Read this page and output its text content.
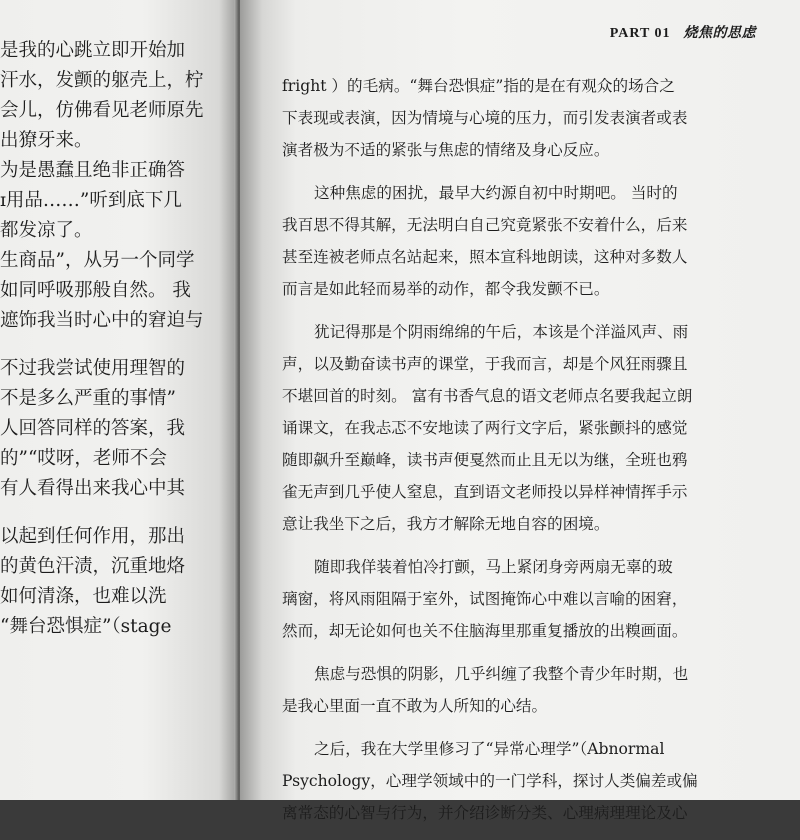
是我的心跳立即开始加
汗水，发颤的躯壳上，柠
会儿，仿佛看见老师原先
出獠牙来。
为是愚蠢且绝非正确答
ɪ用品……”听到底下几
都发凉了。
生商品”，从另一个同学
如同呼吸那般自然。 我
遮饰我当时心中的窘迫与
不过我尝试使用理智的
不是多么严重的事情”
人回答同样的答案，我
的”“哎呀，老师不会
有人看得出来我心中其
以起到任何作用，那出
的黄色汗渍，沉重地烙
如何清涤，也难以洗
“舞台恐惧症”（stage
PART 01 烧焦的思虑
fright ）的毛病。“舞台恐惧症”指的是在有观众的场合之
下表现或表演，因为情境与心境的压力，而引发表演者或表
演者极为不适的紧张与焦虑的情绪及身心反应。
这种焦虑的困扰，最早大约源自初中时期吧。 当时的
我百思不得其解，无法明白自己究竟紧张不安着什么，后来
甚至连被老师点名站起来，照本宣科地朗读，这种对多数人
而言是如此轻而易举的动作，都令我发颤不已。
犹记得那是个阴雨绵绵的午后，本该是个洋溢风声、雨
声，以及勤奋读书声的课堂，于我而言，却是个风狂雨骤且
不堪回首的时刻。 富有书香气息的语文老师点名要我起立朗
诵课文，在我忐忑不安地读了两行文字后，紧张颤抖的感觉
随即飙升至巅峰，读书声便戛然而止且无以为继，全班也鸦
雀无声到几乎使人窒息，直到语文老师投以异样神情挥手示
意让我坐下之后，我方才解除无地自容的困境。
随即我佯装着怕冷打颤，马上紧闭身旁两扇无辜的玻
璃窗，将风雨阻隔于室外，试图掩饰心中难以言喻的困窘，
然而，却无论如何也关不住脑海里那重复播放的出糗画面。
焦虑与恐惧的阴影，几乎纠缠了我整个青少年时期，也
是我心里面一直不敢为人所知的心结。
之后，我在大学里修习了“异常心理学”（Abnormal
Psychology，心理学领域中的一门学科，探讨人类偏差或偏
离常态的心智与行为，并介绍诊断分类、心理病理理论及心
